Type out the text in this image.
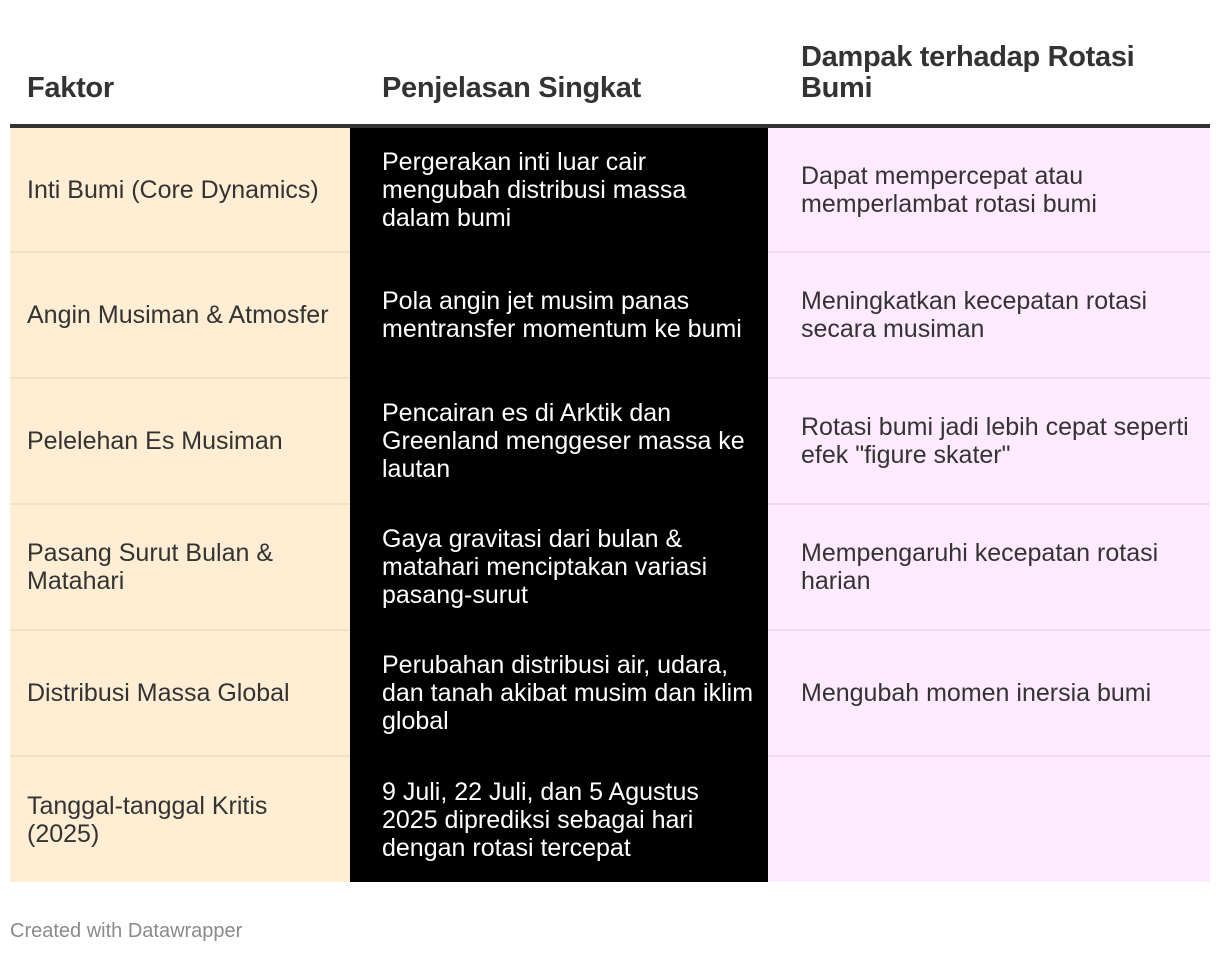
Faktor	Penjelasan Singkat	Dampak terhadap Rotasi Bumi
Inti Bumi (Core Dynamics)	Pergerakan inti luar cair mengubah distribusi massa dalam bumi	Dapat mempercepat atau memperlambat rotasi bumi
Angin Musiman & Atmosfer	Pola angin jet musim panas mentransfer momentum ke bumi	Meningkatkan kecepatan rotasi secara musiman
Pelelehan Es Musiman	Pencairan es di Arktik dan Greenland menggeser massa ke lautan	Rotasi bumi jadi lebih cepat seperti efek "figure skater"
Pasang Surut Bulan & Matahari	Gaya gravitasi dari bulan & matahari menciptakan variasi pasang-surut	Mempengaruhi kecepatan rotasi harian
Distribusi Massa Global	Perubahan distribusi air, udara, dan tanah akibat musim dan iklim global	Mengubah momen inersia bumi
Tanggal-tanggal Kritis (2025)	9 Juli, 22 Juli, dan 5 Agustus 2025 diprediksi sebagai hari dengan rotasi tercepat	
Created with Datawrapper
